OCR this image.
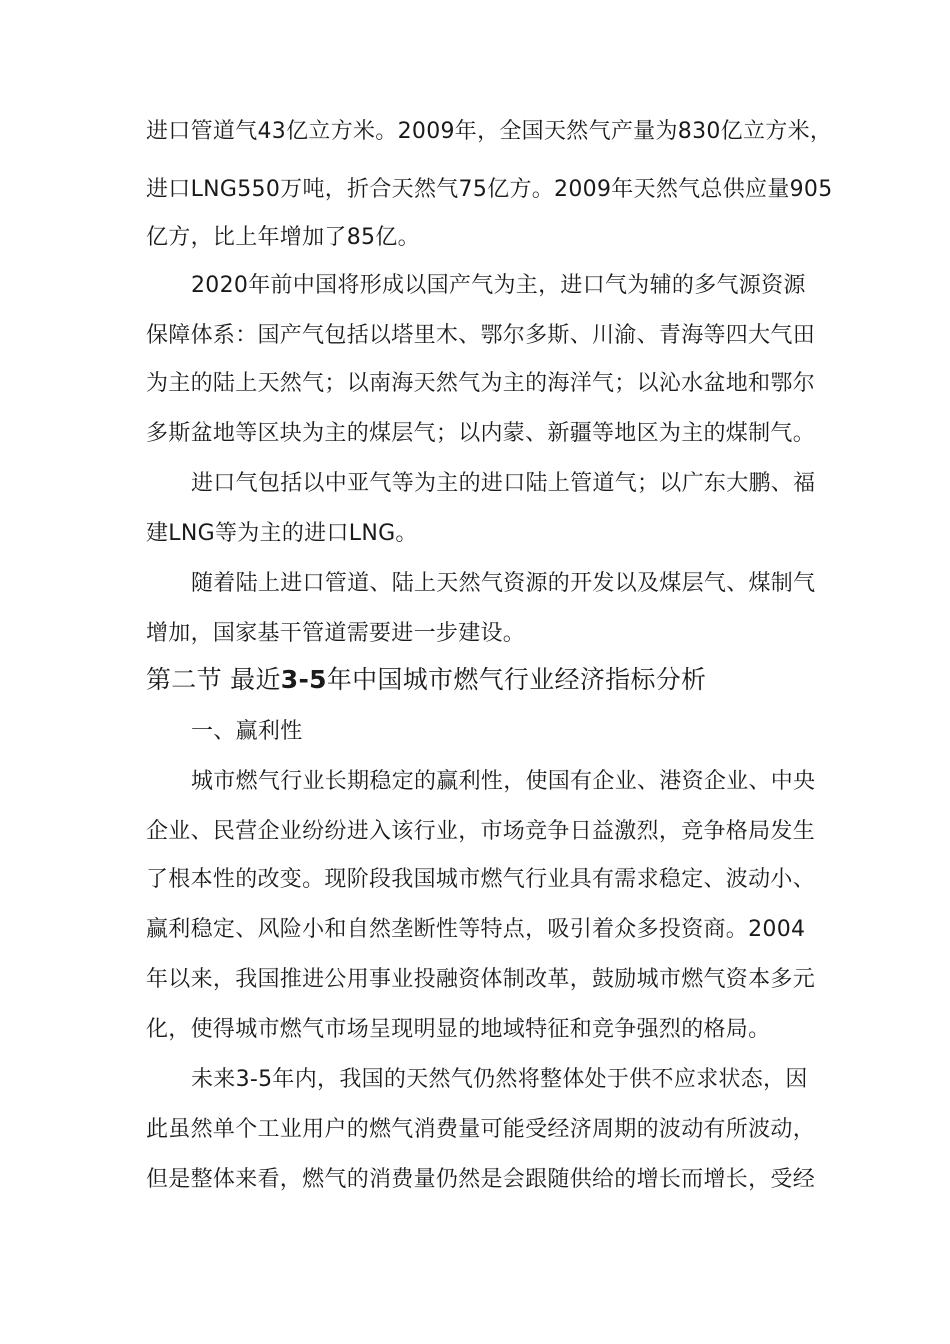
进口管道气43亿立方米。2009年，全国天然气产量为830亿立方米，
进口LNG550万吨，折合天然气75亿方。2009年天然气总供应量905
亿方，比上年增加了85亿。
2020年前中国将形成以国产气为主，进口气为辅的多气源资源
保障体系：国产气包括以塔里木、鄂尔多斯、川渝、青海等四大气田
为主的陆上天然气；以南海天然气为主的海洋气；以沁水盆地和鄂尔
多斯盆地等区块为主的煤层气；以内蒙、新疆等地区为主的煤制气。
进口气包括以中亚气等为主的进口陆上管道气；以广东大鹏、福
建LNG等为主的进口LNG。
随着陆上进口管道、陆上天然气资源的开发以及煤层气、煤制气
增加，国家基干管道需要进一步建设。
第二节 最近3-5年中国城市燃气行业经济指标分析
一、赢利性
城市燃气行业长期稳定的赢利性，使国有企业、港资企业、中央
企业、民营企业纷纷进入该行业，市场竞争日益激烈，竞争格局发生
了根本性的改变。现阶段我国城市燃气行业具有需求稳定、波动小、
赢利稳定、风险小和自然垄断性等特点，吸引着众多投资商。2004
年以来，我国推进公用事业投融资体制改革，鼓励城市燃气资本多元
化，使得城市燃气市场呈现明显的地域特征和竞争强烈的格局。
未来3-5年内，我国的天然气仍然将整体处于供不应求状态，因
此虽然单个工业用户的燃气消费量可能受经济周期的波动有所波动，
但是整体来看，燃气的消费量仍然是会跟随供给的增长而增长，受经
